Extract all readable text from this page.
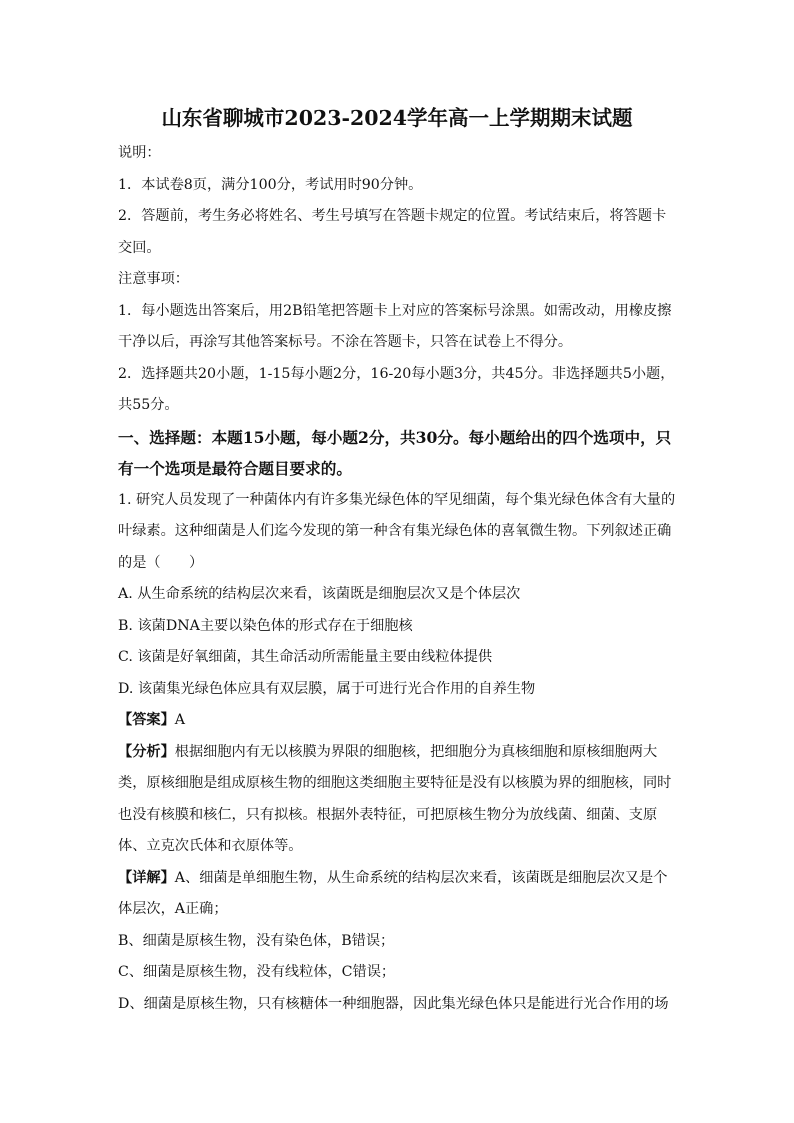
山东省聊城市2023-2024学年高一上学期期末试题

说明：

1．本试卷8页，满分100分，考试用时90分钟。

2．答题前，考生务必将姓名、考生号填写在答题卡规定的位置。考试结束后，将答题卡交回。

注意事项：

1．每小题选出答案后，用2B铅笔把答题卡上对应的答案标号涂黑。如需改动，用橡皮擦干净以后，再涂写其他答案标号。不涂在答题卡，只答在试卷上不得分。

2．选择题共20小题，1-15每小题2分，16-20每小题3分，共45分。非选择题共5小题，共55分。

一、选择题：本题15小题，每小题2分，共30分。每小题给出的四个选项中，只有一个选项是最符合题目要求的。

1. 研究人员发现了一种菌体内有许多集光绿色体的罕见细菌，每个集光绿色体含有大量的叶绿素。这种细菌是人们迄今发现的第一种含有集光绿色体的喜氧微生物。下列叙述正确的是（　　）

A. 从生命系统的结构层次来看，该菌既是细胞层次又是个体层次

B. 该菌DNA主要以染色体的形式存在于细胞核

C. 该菌是好氧细菌，其生命活动所需能量主要由线粒体提供

D. 该菌集光绿色体应具有双层膜，属于可进行光合作用的自养生物

【答案】A

【分析】根据细胞内有无以核膜为界限的细胞核，把细胞分为真核细胞和原核细胞两大类，原核细胞是组成原核生物的细胞这类细胞主要特征是没有以核膜为界的细胞核，同时也没有核膜和核仁，只有拟核。根据外表特征，可把原核生物分为放线菌、细菌、支原体、立克次氏体和衣原体等。

【详解】A、细菌是单细胞生物，从生命系统的结构层次来看，该菌既是细胞层次又是个体层次，A正确；

B、细菌是原核生物，没有染色体，B错误；

C、细菌是原核生物，没有线粒体，C错误；

D、细菌是原核生物，只有核糖体一种细胞器，因此集光绿色体只是能进行光合作用的场
